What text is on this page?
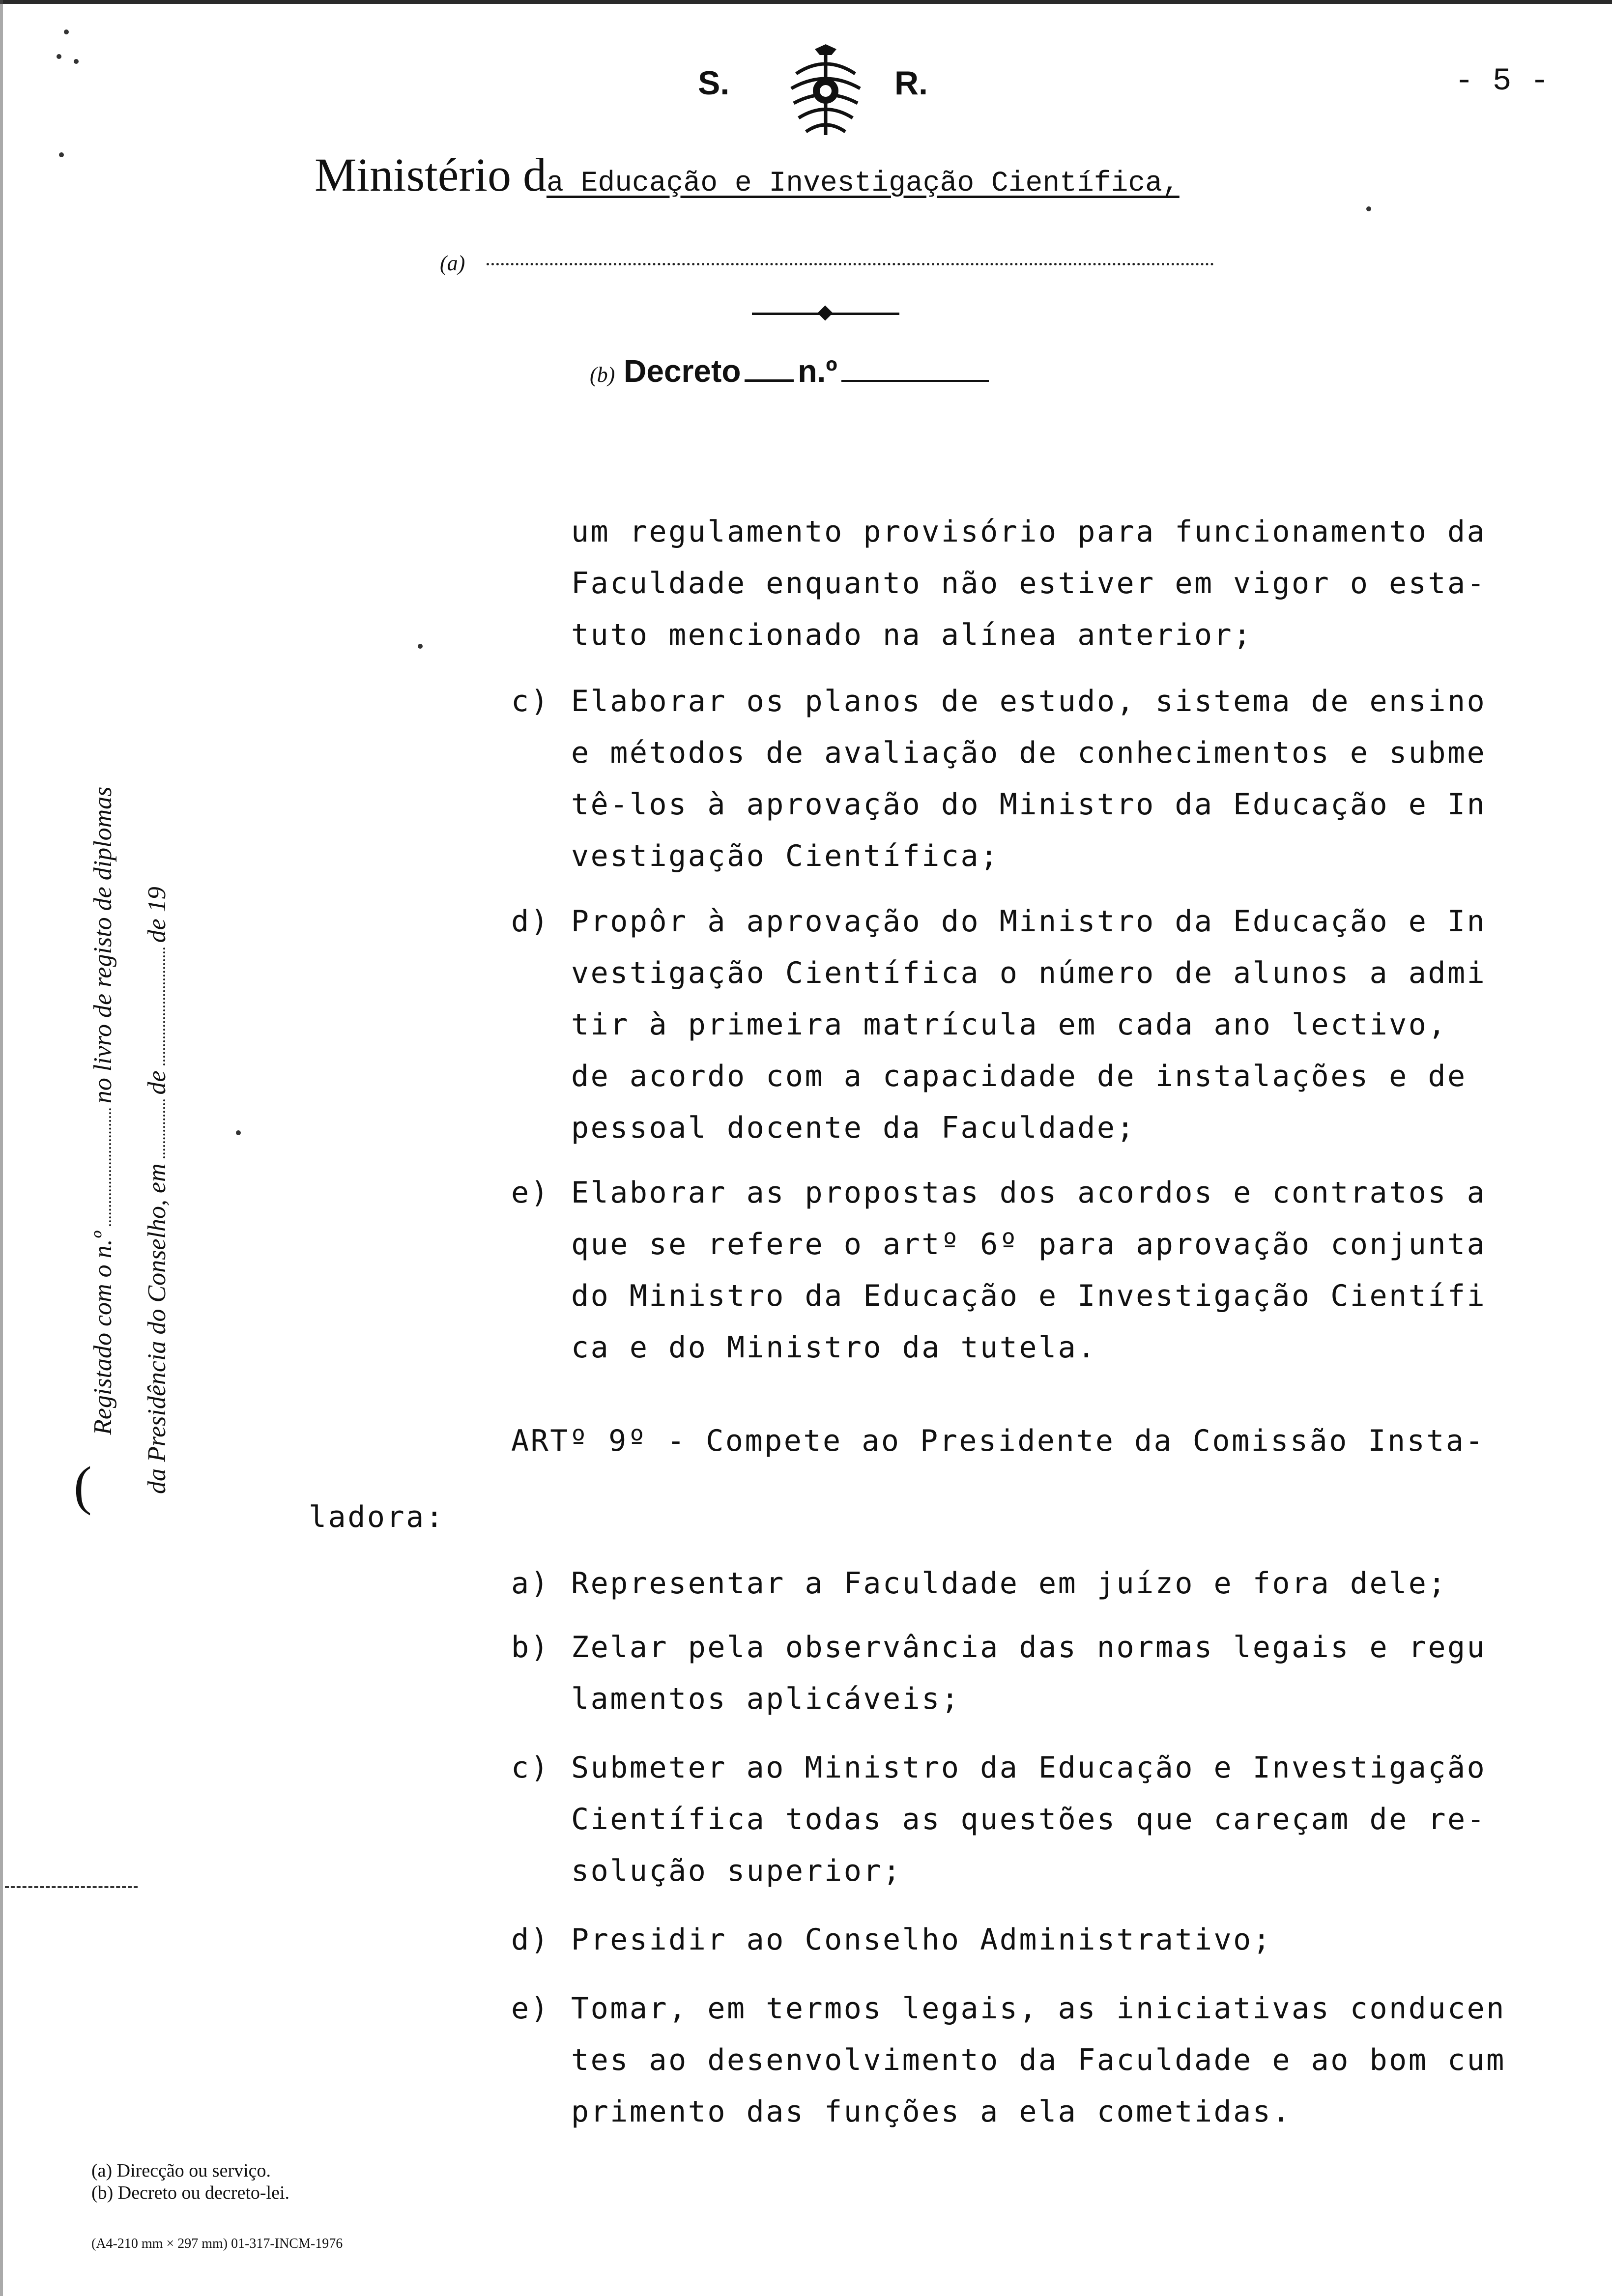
S.	R.	- 5 -
Ministério da Educação e Investigação Científica,
(a)
(b) Decreto n.º
um regulamento provisório para funcionamento da
Faculdade enquanto não estiver em vigor o esta-
tuto mencionado na alínea anterior;
c) Elaborar os planos de estudo, sistema de ensino
e métodos de avaliação de conhecimentos e subme
tê-los à aprovação do Ministro da Educação e In
vestigação Científica;
d) Propôr à aprovação do Ministro da Educação e In
vestigação Científica o número de alunos a admi
tir à primeira matrícula em cada ano lectivo,
de acordo com a capacidade de instalações e de
pessoal docente da Faculdade;
e) Elaborar as propostas dos acordos e contratos a
que se refere o artº 6º para aprovação conjunta
do Ministro da Educação e Investigação Científi
ca e do Ministro da tutela.
ARTº 9º - Compete ao Presidente da Comissão Insta-
ladora:
a) Representar a Faculdade em juízo e fora dele;
b) Zelar pela observância das normas legais e regu
lamentos aplicáveis;
c) Submeter ao Ministro da Educação e Investigação
Científica todas as questões que careçam de re-
solução superior;
d) Presidir ao Conselho Administrativo;
e) Tomar, em termos legais, as iniciativas conducen
tes ao desenvolvimento da Faculdade e ao bom cum
primento das funções a ela cometidas.
Registado com o n.ºno livro de registo de diplomas
da Presidência do Conselho, emdede 19
(
(a) Direcção ou serviço.
(b) Decreto ou decreto-lei.
(A4-210 mm × 297 mm) 01-317-INCM-1976
